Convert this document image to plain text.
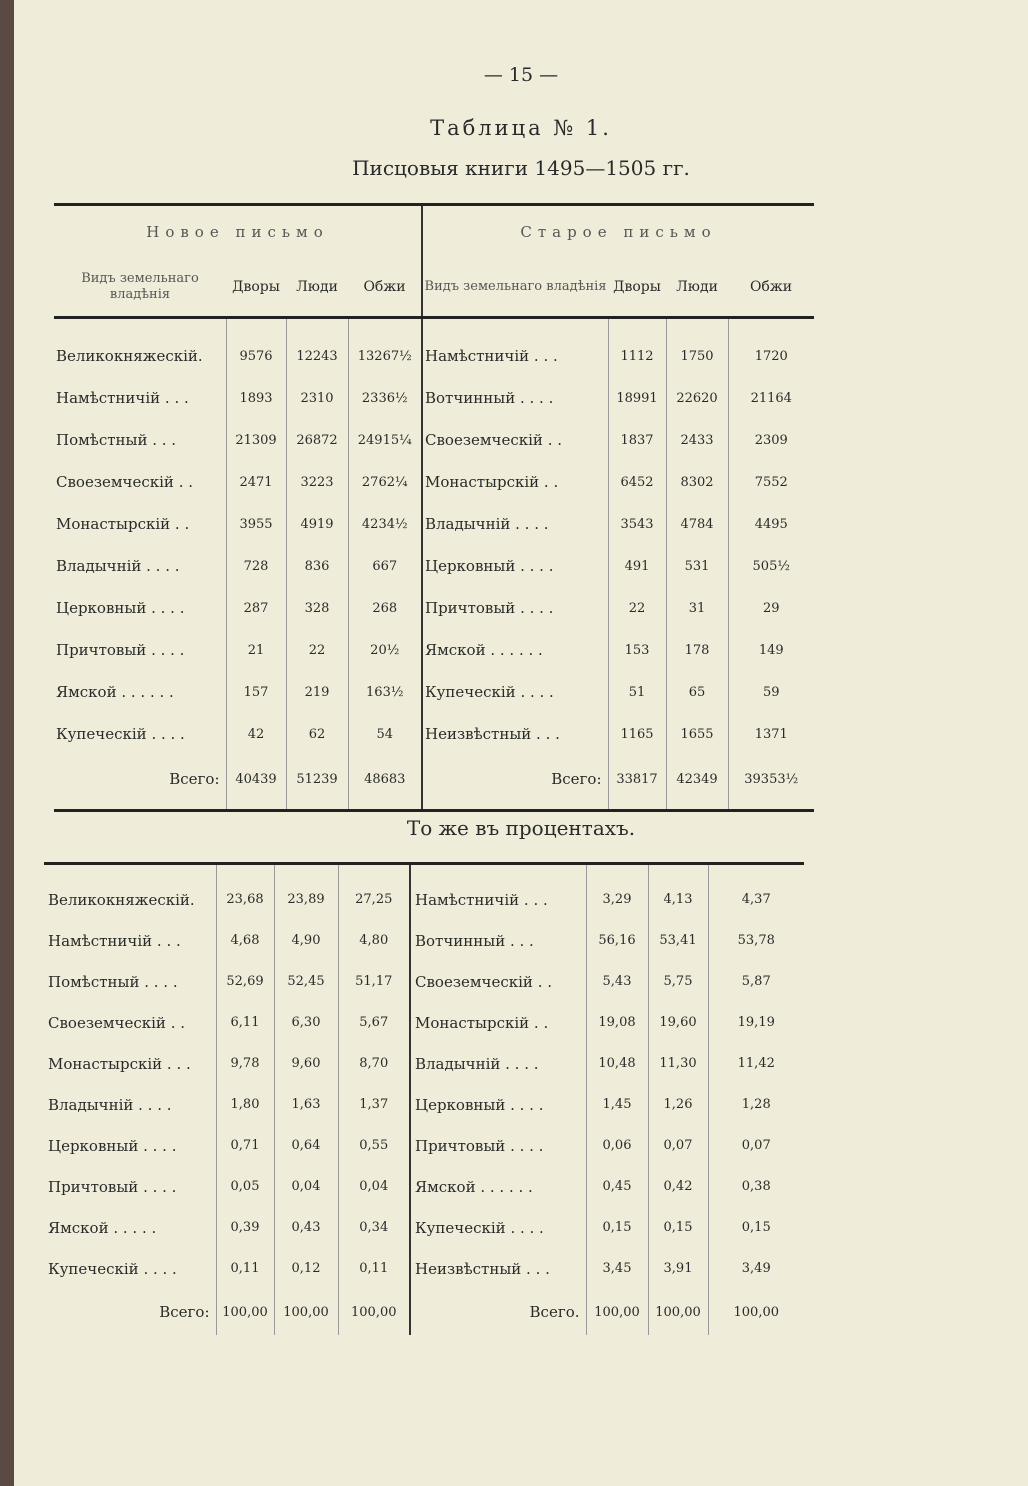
— 15 —
Таблица № 1.
Писцовыя книги 1495—1505 гг.
Новое письмо				Старое письмо			
Видъ земельнаго владѣнія	Дворы	Люди	Обжи	Видъ земельнаго владѣнія	Дворы	Люди	Обжи
Великокняжескій.	9576	12243	13267½	Намѣстничій . . .	1112	1750	1720
Намѣстничій . . .	1893	2310	2336½	Вотчинный . . . .	18991	22620	21164
Помѣстный . . .	21309	26872	24915¼	Своеземческій . .	1837	2433	2309
Своеземческій . .	2471	3223	2762¼	Монастырскій . .	6452	8302	7552
Монастырскій . .	3955	4919	4234½	Владычній . . . .	3543	4784	4495
Владычній . . . .	728	836	667	Церковный . . . .	491	531	505½
Церковный . . . .	287	328	268	Причтовый . . . .	22	31	29
Причтовый . . . .	21	22	20½	Ямской . . . . . .	153	178	149
Ямской . . . . . .	157	219	163½	Купеческій . . . .	51	65	59
Купеческій . . . .	42	62	54	Неизвѣстный . . .	1165	1655	1371
Всего:	40439	51239	48683	Всего:	33817	42349	39353½
То же въ процентахъ.
Великокняжескій.	23,68	23,89	27,25	Намѣстничій . . .	3,29	4,13	4,37
Намѣстничій . . .	4,68	4,90	4,80	Вотчинный . . .	56,16	53,41	53,78
Помѣстный . . . .	52,69	52,45	51,17	Своеземческій . .	5,43	5,75	5,87
Своеземческій . .	6,11	6,30	5,67	Монастырскій . .	19,08	19,60	19,19
Монастырскій . . .	9,78	9,60	8,70	Владычній . . . .	10,48	11,30	11,42
Владычній . . . .	1,80	1,63	1,37	Церковный . . . .	1,45	1,26	1,28
Церковный . . . .	0,71	0,64	0,55	Причтовый . . . .	0,06	0,07	0,07
Причтовый . . . .	0,05	0,04	0,04	Ямской . . . . . .	0,45	0,42	0,38
Ямской . . . . .	0,39	0,43	0,34	Купеческій . . . .	0,15	0,15	0,15
Купеческій . . . .	0,11	0,12	0,11	Неизвѣстный . . .	3,45	3,91	3,49
Всего:	100,00	100,00	100,00	Всего.	100,00	100,00	100,00
